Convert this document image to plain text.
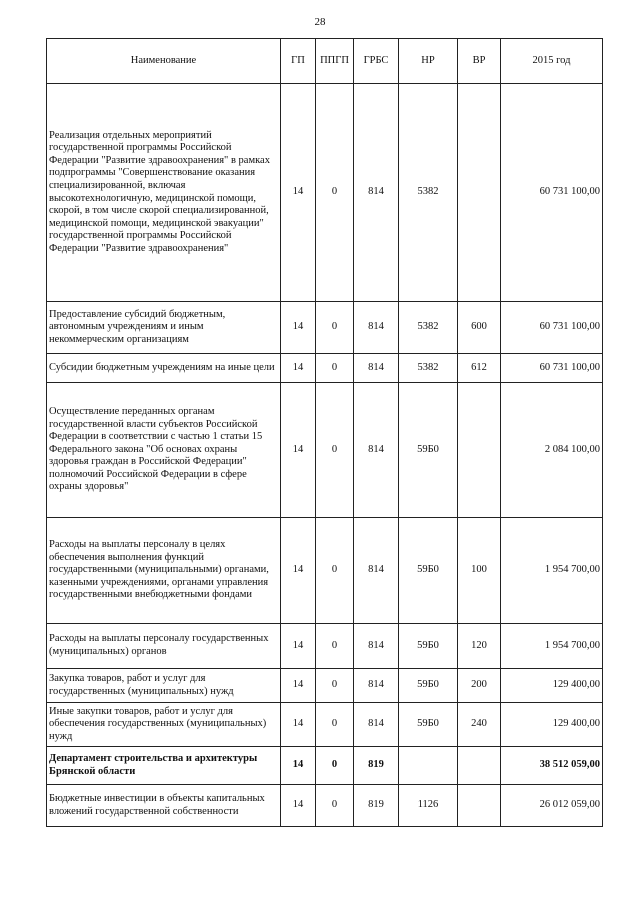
28
Наименование	ГП	ППГП	ГРБС	НР	ВР	2015 год
Реализация отдельных мероприятий государственной программы Российской Федерации "Развитие здравоохранения" в рамках подпрограммы "Совершенствование оказания специализированной, включая высокотехнологичную, медицинской помощи, скорой, в том числе скорой специализированной, медицинской помощи, медицинской эвакуации" государственной программы Российской Федерации "Развитие здравоохранения"	14	0	814	5382		60 731 100,00
Предоставление субсидий бюджетным, автономным учреждениям и иным некоммерческим организациям	14	0	814	5382	600	60 731 100,00
Субсидии бюджетным учреждениям на иные цели	14	0	814	5382	612	60 731 100,00
Осуществление переданных органам государственной власти субъектов Российской Федерации в соответствии с частью 1 статьи 15 Федерального закона "Об основах охраны здоровья граждан в Российской Федерации" полномочий Российской Федерации в сфере охраны здоровья"	14	0	814	59Б0		2 084 100,00
Расходы на выплаты персоналу в целях обеспечения выполнения функций государственными (муниципальными) органами, казенными учреждениями, органами управления государственными внебюджетными фондами	14	0	814	59Б0	100	1 954 700,00
Расходы на выплаты персоналу государственных (муниципальных) органов	14	0	814	59Б0	120	1 954 700,00
Закупка товаров, работ и услуг для государственных (муниципальных) нужд	14	0	814	59Б0	200	129 400,00
Иные закупки товаров, работ и услуг для обеспечения государственных (муниципальных) нужд	14	0	814	59Б0	240	129 400,00
Департамент строительства и архитектуры Брянской области	14	0	819			38 512 059,00
Бюджетные инвестиции в объекты капитальных вложений государственной собственности	14	0	819	1126		26 012 059,00
